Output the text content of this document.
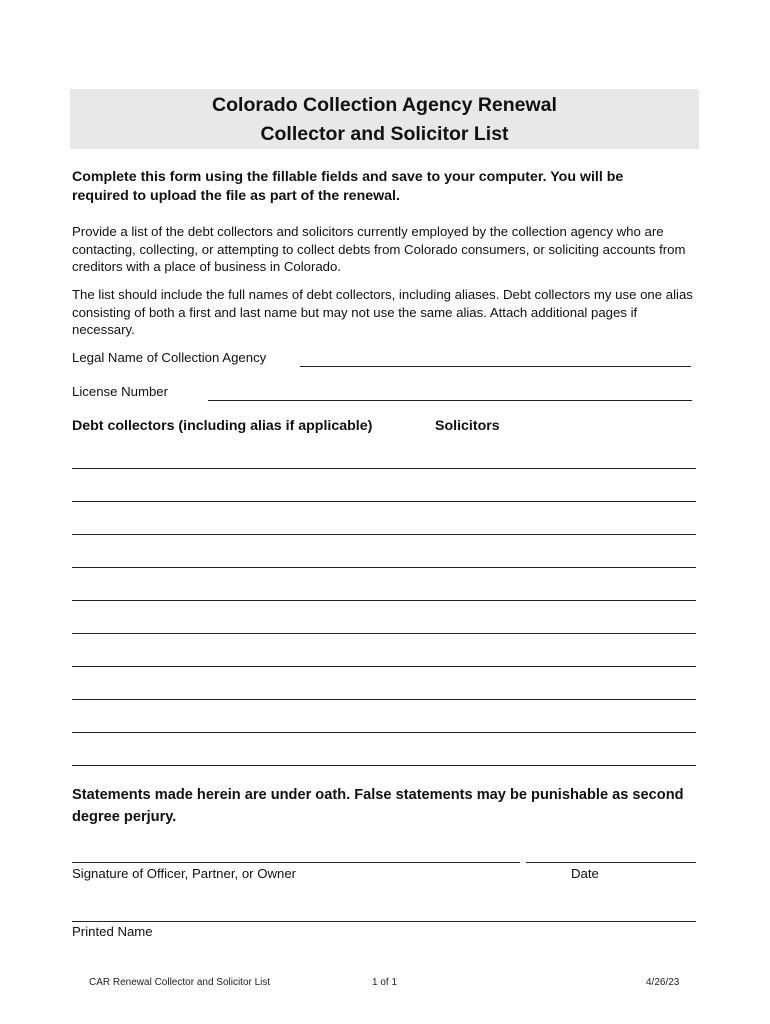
Colorado Collection Agency Renewal
Collector and Solicitor List
Complete this form using the fillable fields and save to your computer. You will be required to upload the file as part of the renewal.
Provide a list of the debt collectors and solicitors currently employed by the collection agency who are contacting, collecting, or attempting to collect debts from Colorado consumers, or soliciting accounts from creditors with a place of business in Colorado.
The list should include the full names of debt collectors, including aliases. Debt collectors my use one alias consisting of both a first and last name but may not use the same alias. Attach additional pages if necessary.
Legal Name of Collection Agency
License Number
Debt collectors (including alias if applicable)	Solicitors
Statements made herein are under oath. False statements may be punishable as second degree perjury.
Signature of Officer, Partner, or Owner	Date
Printed Name
CAR Renewal Collector and Solicitor List	1 of 1	4/26/23
